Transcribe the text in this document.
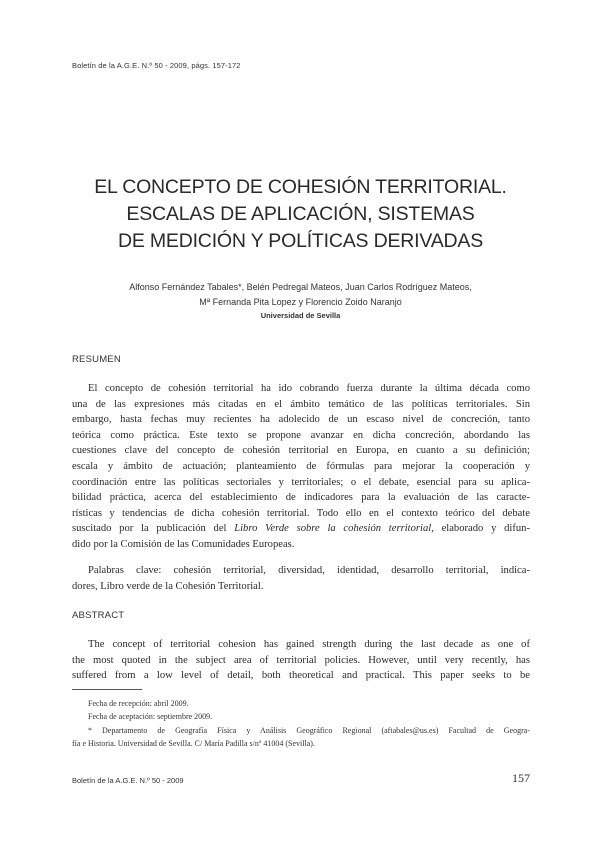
Boletín de la A.G.E. N.º 50 - 2009, págs. 157-172
EL CONCEPTO DE COHESIÓN TERRITORIAL.
ESCALAS DE APLICACIÓN, SISTEMAS
DE MEDICIÓN Y POLÍTICAS DERIVADAS
Alfonso Fernández Tabales*, Belén Pedregal Mateos, Juan Carlos Rodríguez Mateos,
Mª Fernanda Pita Lopez y Florencio Zoido Naranjo
Universidad de Sevilla
RESUMEN
El concepto de cohesión territorial ha ido cobrando fuerza durante la última década como
una de las expresiones más citadas en el ámbito temático de las políticas territoriales. Sin
embargo, hasta fechas muy recientes ha adolecido de un escaso nivel de concreción, tanto
teórica como práctica. Este texto se propone avanzar en dicha concreción, abordando las
cuestiones clave del concepto de cohesión territorial en Europa, en cuanto a su definición;
escala y ámbito de actuación; planteamiento de fórmulas para mejorar la cooperación y
coordinación entre las políticas sectoriales y territoriales; o el debate, esencial para su aplica-
bilidad práctica, acerca del establecimiento de indicadores para la evaluación de las caracte-
rísticas y tendencias de dicha cohesión territorial. Todo ello en el contexto teórico del debate
suscitado por la publicación del Libro Verde sobre la cohesión territorial, elaborado y difun-
dido por la Comisión de las Comunidades Europeas.
Palabras clave: cohesión territorial, diversidad, identidad, desarrollo territorial, indica-
dores, Libro verde de la Cohesión Territorial.
ABSTRACT
The concept of territorial cohesion has gained strength during the last decade as one of
the most quoted in the subject area of territorial policies. However, until very recently, has
suffered from a low level of detail, both theoretical and practical. This paper seeks to be
Fecha de recepción: abril 2009.
Fecha de aceptación: septiembre 2009.
* Departamento de Geografía Física y Análisis Geográfico Regional (aftabales@us.es) Facultad de Geogra-
fía e Historia. Universidad de Sevilla. C/ María Padilla s/nº 41004 (Sevilla).
Boletín de la A.G.E. N.º 50 - 2009	157
